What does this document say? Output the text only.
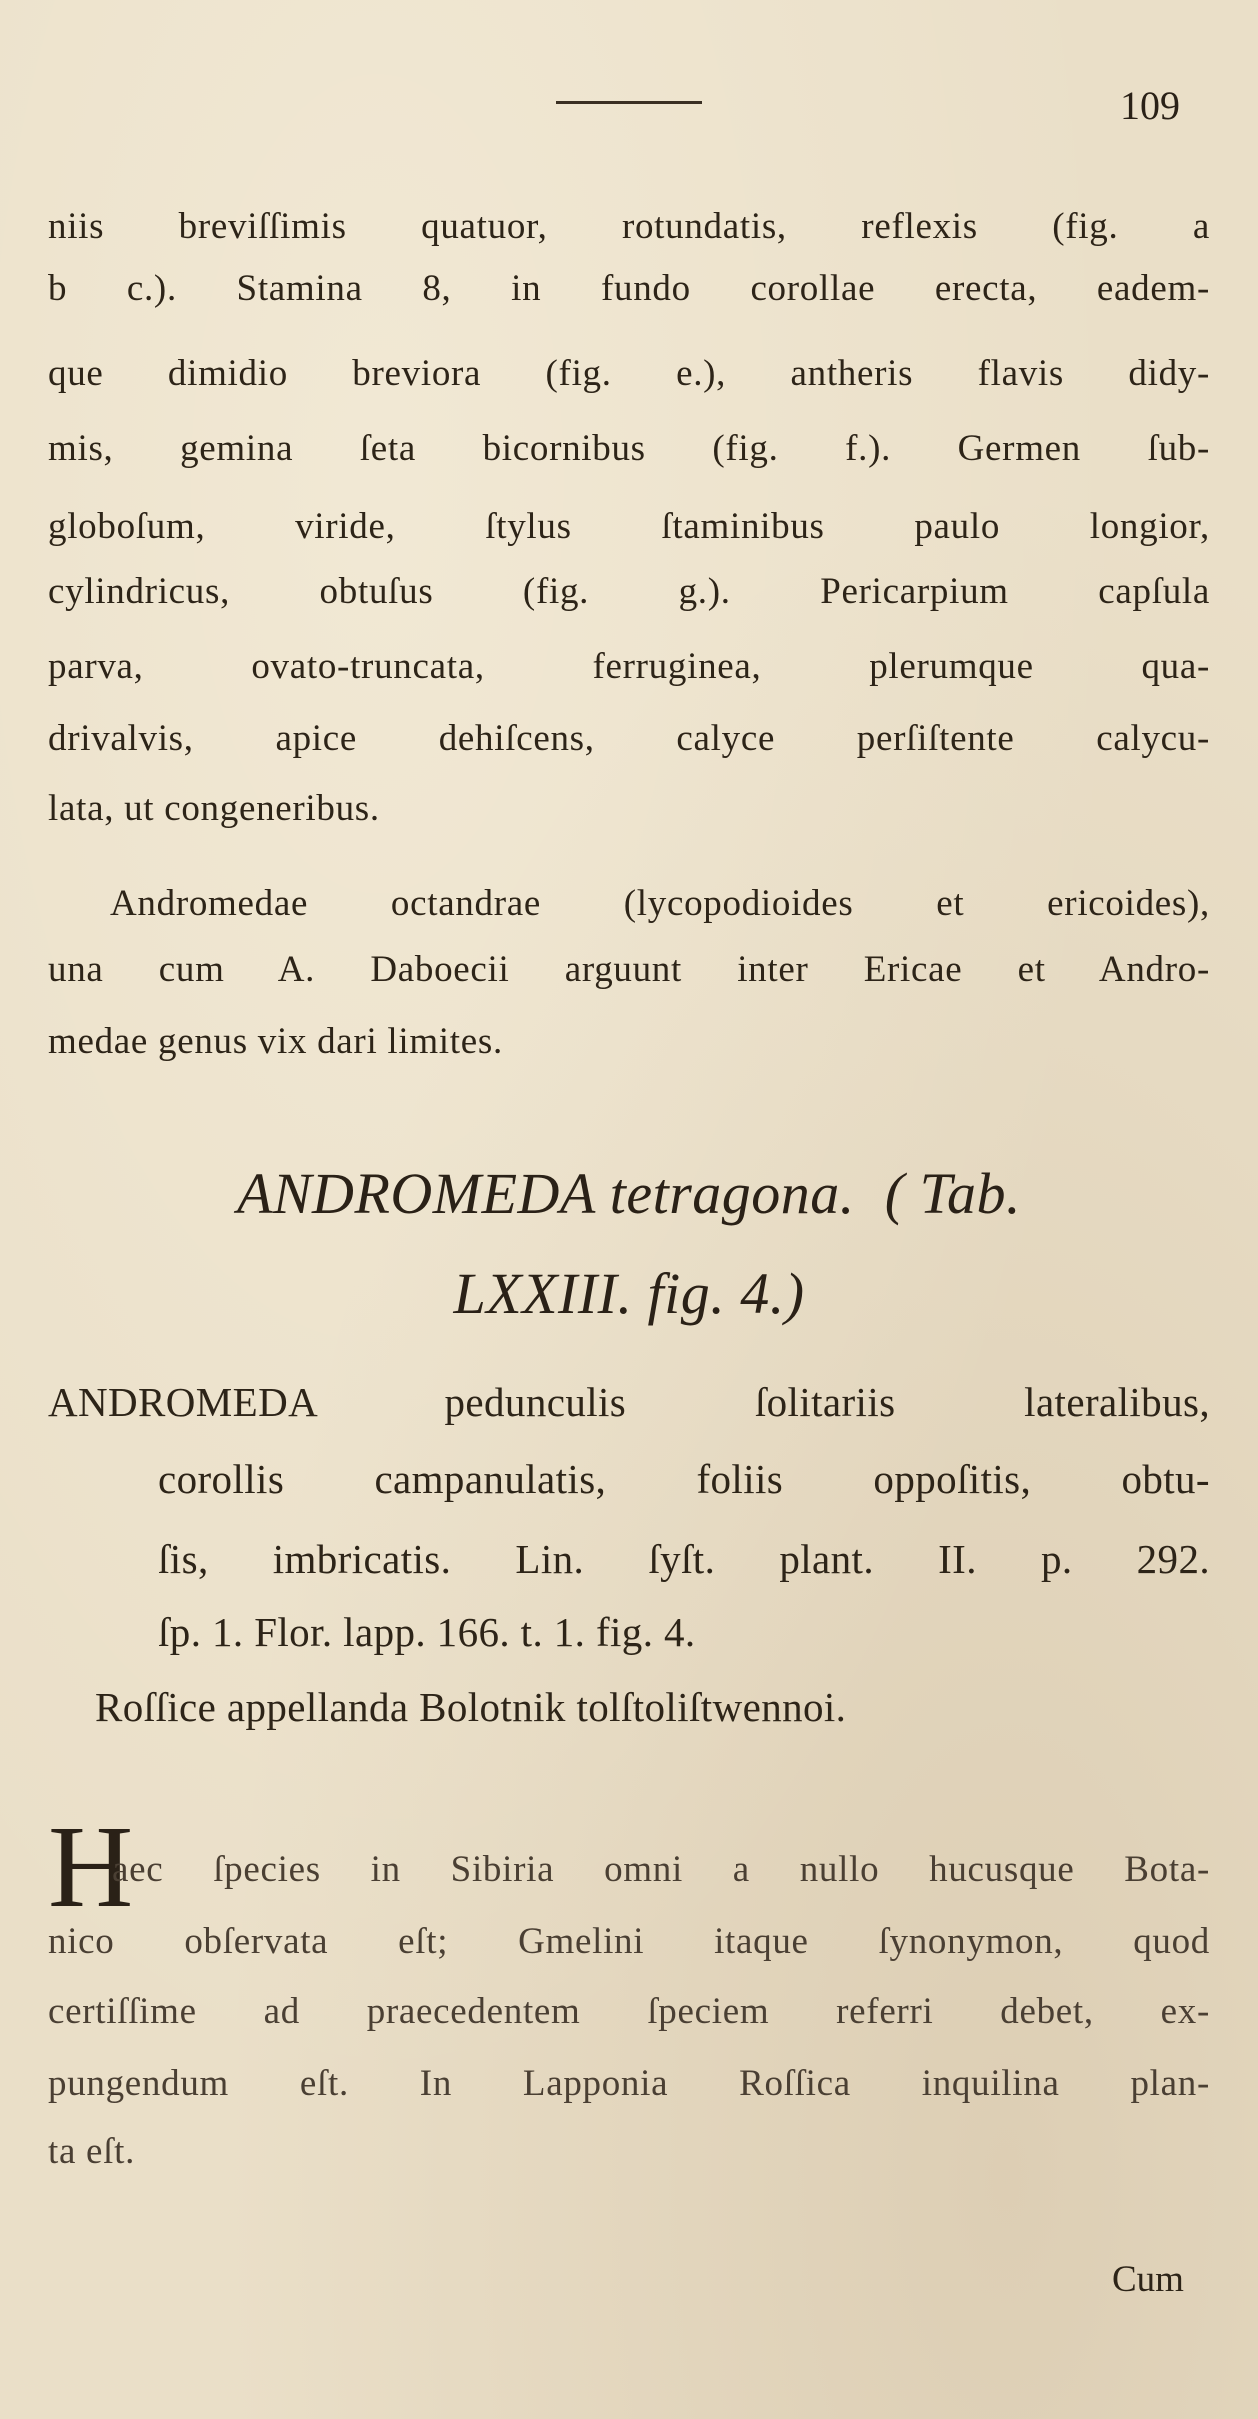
109
niis breviſſimis quatuor, rotundatis, reflexis (fig. a
b c.). Stamina 8, in fundo corollae erecta, eadem-
que dimidio breviora (fig. e.), antheris flavis didy-
mis, gemina ſeta bicornibus (fig. f.). Germen ſub-
globoſum, viride, ſtylus ſtaminibus paulo longior,
cylindricus, obtuſus (fig. g.). Pericarpium capſula
parva, ovato-truncata, ferruginea, plerumque qua-
drivalvis, apice dehiſcens, calyce perſiſtente calycu-
lata, ut congeneribus.
Andromedae octandrae (lycopodioides et ericoides),
una cum A. Daboecii arguunt inter Ericae et Andro-
medae genus vix dari limites.
ANDROMEDA tetragona.  ( Tab.
LXXIII. fig. 4.)
ANDROMEDA pedunculis ſolitariis lateralibus,
corollis campanulatis, foliis oppoſitis, obtu-
ſis, imbricatis. Lin. ſyſt. plant. II. p. 292.
ſp. 1. Flor. lapp. 166. t. 1. fig. 4.
Roſſice appellanda Bolotnik tolſtoliſtwennoi.
H
aec ſpecies in Sibiria omni a nullo hucusque Bota-
nico obſervata eſt; Gmelini itaque ſynonymon, quod
certiſſime ad praecedentem ſpeciem referri debet, ex-
pungendum eſt. In Lapponia Roſſica inquilina plan-
ta eſt.
Cum
